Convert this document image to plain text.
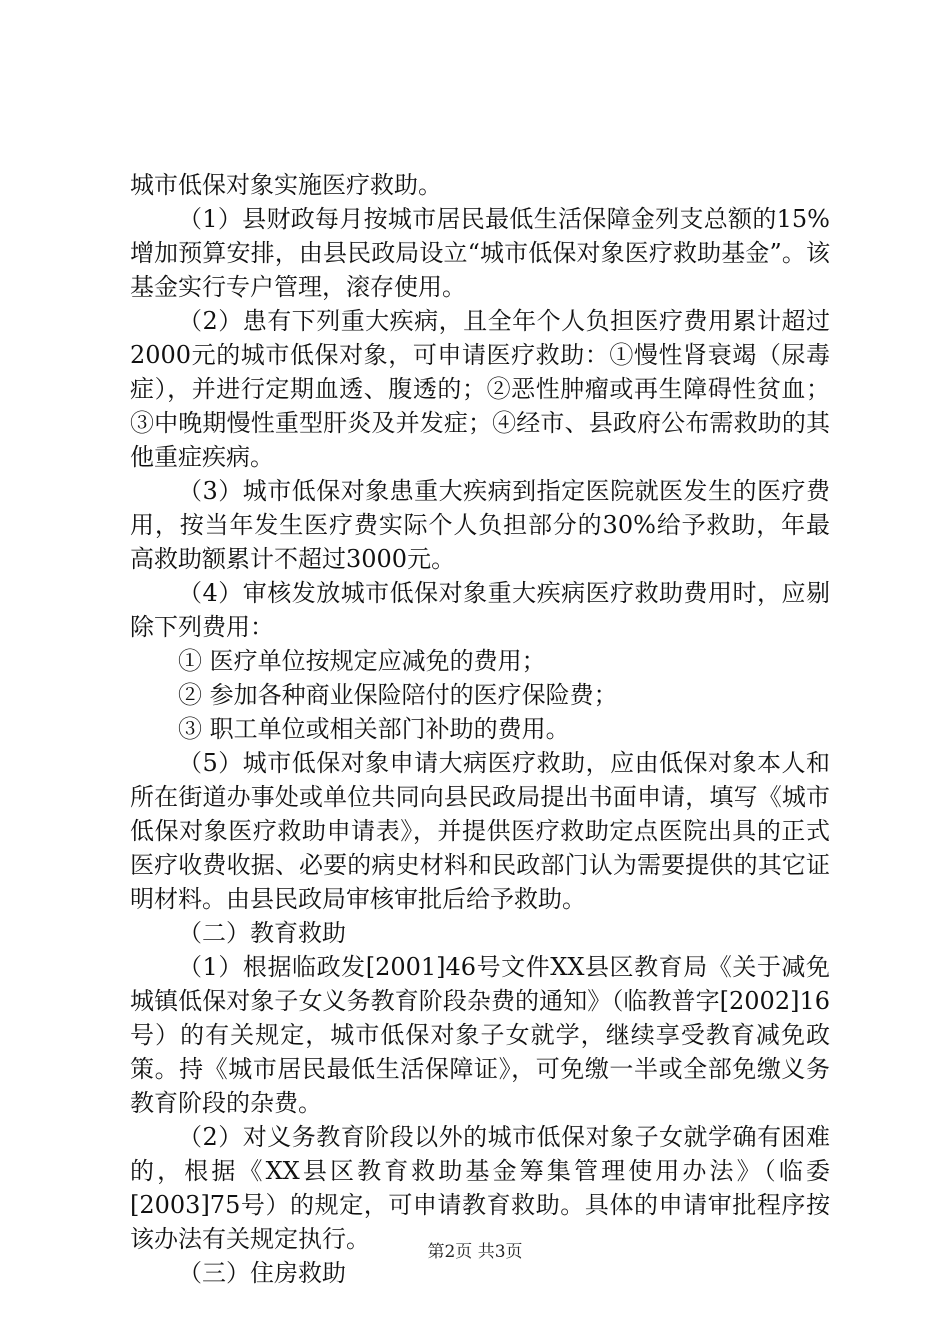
城市低保对象实施医疗救助。

（1）县财政每月按城市居民最低生活保障金列支总额的15%增加预算安排，由县民政局设立“城市低保对象医疗救助基金”。该基金实行专户管理，滚存使用。

（2）患有下列重大疾病，且全年个人负担医疗费用累计超过2000元的城市低保对象，可申请医疗救助：①慢性肾衰竭（尿毒症），并进行定期血透、腹透的；②恶性肿瘤或再生障碍性贫血；③中晚期慢性重型肝炎及并发症；④经市、县政府公布需救助的其他重症疾病。

（3）城市低保对象患重大疾病到指定医院就医发生的医疗费用，按当年发生医疗费实际个人负担部分的30%给予救助，年最高救助额累计不超过3000元。

（4）审核发放城市低保对象重大疾病医疗救助费用时，应剔除下列费用：

① 医疗单位按规定应减免的费用；

② 参加各种商业保险陪付的医疗保险费；

③ 职工单位或相关部门补助的费用。

（5）城市低保对象申请大病医疗救助，应由低保对象本人和所在街道办事处或单位共同向县民政局提出书面申请，填写《城市低保对象医疗救助申请表》，并提供医疗救助定点医院出具的正式医疗收费收据、必要的病史材料和民政部门认为需要提供的其它证明材料。由县民政局审核审批后给予救助。

（二）教育救助

（1）根据临政发[2001]46号文件XX县区教育局《关于减免城镇低保对象子女义务教育阶段杂费的通知》（临教普字[2002]16号）的有关规定，城市低保对象子女就学，继续享受教育减免政策。持《城市居民最低生活保障证》，可免缴一半或全部免缴义务教育阶段的杂费。

（2）对义务教育阶段以外的城市低保对象子女就学确有困难的，根据《XX县区教育救助基金筹集管理使用办法》（临委[2003]75号）的规定，可申请教育救助。具体的申请审批程序按该办法有关规定执行。

（三）住房救助

第2页 共3页
